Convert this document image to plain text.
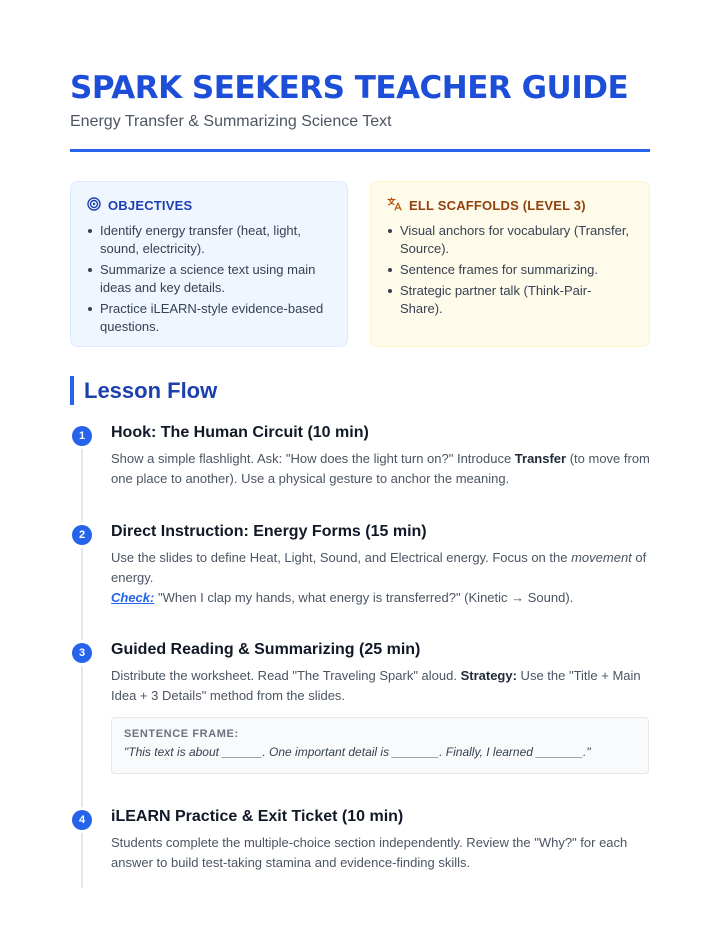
SPARK SEEKERS TEACHER GUIDE
Energy Transfer & Summarizing Science Text
OBJECTIVES
Identify energy transfer (heat, light, sound, electricity).
Summarize a science text using main ideas and key details.
Practice iLEARN-style evidence-based questions.
ELL SCAFFOLDS (LEVEL 3)
Visual anchors for vocabulary (Transfer, Source).
Sentence frames for summarizing.
Strategic partner talk (Think-Pair-Share).
Lesson Flow
1	Hook: The Human Circuit (10 min)
Show a simple flashlight. Ask: "How does the light turn on?" Introduce Transfer (to move from one place to another). Use a physical gesture to anchor the meaning.
2	Direct Instruction: Energy Forms (15 min)
Use the slides to define Heat, Light, Sound, and Electrical energy. Focus on the movement of energy.
Check: "When I clap my hands, what energy is transferred?" (Kinetic → Sound).
3	Guided Reading & Summarizing (25 min)
Distribute the worksheet. Read "The Traveling Spark" aloud. Strategy: Use the "Title + Main Idea + 3 Details" method from the slides.
SENTENCE FRAME:
"This text is about ______. One important detail is _______. Finally, I learned _______."
4	iLEARN Practice & Exit Ticket (10 min)
Students complete the multiple-choice section independently. Review the "Why?" for each answer to build test-taking stamina and evidence-finding skills.
